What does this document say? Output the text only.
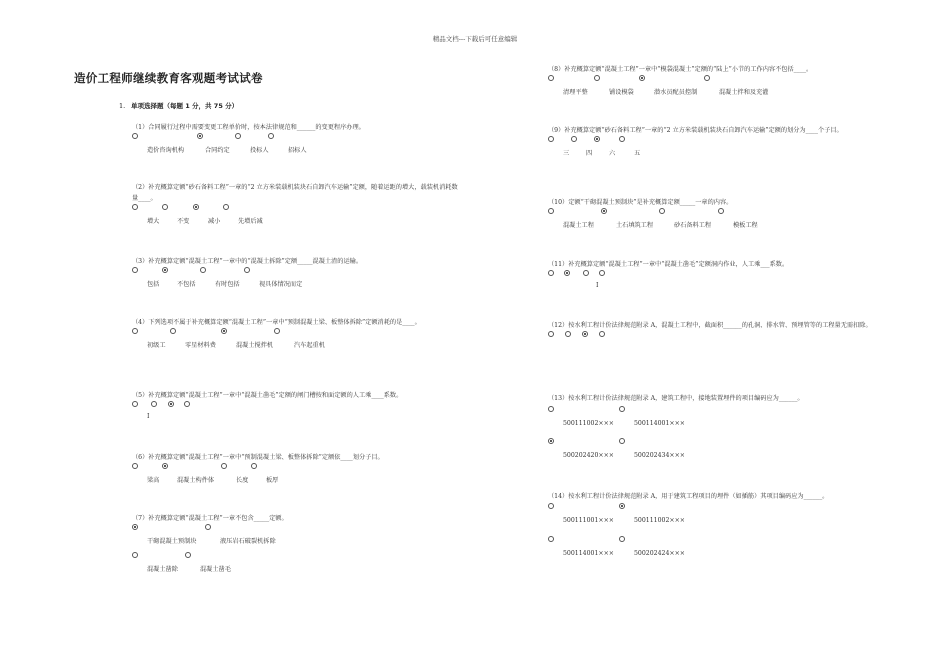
精品文档---下载后可任意编辑
造价工程师继续教育客观题考试试卷
1. 单项选择题（每题 1 分，共 75 分）
（1）合同履行过程中需要变更工程单价时，按本法律规范和______的变更程序办理。
造价咨询机构	合同约定	投标人	招标人
（2）补充概算定额“砂石备料工程”一章的“2 立方米装载机装块石自卸汽车运输”定额，随着运距的增大，载装机消耗数量____。
增大	不变	减小	先增后减
（3）补充概算定额“混凝土工程”一章中的“混凝土拆除”定额_____混凝土渣的运输。
包括	不包括	有时包括	视具体情况而定
（4）下列选项不属于补充概算定额“混凝土工程”一章中“预制混凝土梁、板整体拆除”定额消耗的是____。
初级工	零星材料费	混凝土搅拌机	汽车起重机
（5）补充概算定额“混凝土工程”一章中“混凝土凿毛”定额的闸门槽按和面定额的人工乘____系数。
I
（6）补充概算定额“混凝土工程”一章中“预制混凝土梁、板整体拆除”定额依____划分子目。
梁高	混凝土构件体	长度	板厚
（7）补充概算定额“混凝土工程”一章不包含_____定额。
干砌混凝土预制块	液压岩石破裂机拆除
混凝土凿除	混凝土凿毛
（8）补充概算定额“混凝土工程”一章中“模袋混凝土”定额的“陆上”小节的工作内容不包括____。
清理平整	铺设模袋	潜水员配员控制	混凝土拌和及充灌
（9）补充概算定额“砂石备料工程”一章的“2 立方米装载机装块石自卸汽车运输”定额的划分为____个子目。
三	四	六	五
（10）定额“干砌混凝土预制块”是补充概算定额_____一章的内容。
混凝土工程	土石填筑工程	砂石备料工程	模板工程
（11）补充概算定额“混凝土工程”一章中“混凝土凿毛”定额洞内作业，人工乘___系数。
I
（12）按水利工程计价法律规范附录 A，混凝土工程中，截面积______的孔洞、排水管、预埋管等的工程量无需扣除。
（13）按水利工程计价法律规范附录 A，建筑工程中，接地装置埋件的项目编码应为______。
500111002×××	500114001×××
500202420×××	500202434×××
（14）按水利工程计价法律规范附录 A，用于建筑工程项目的埋件（如插筋）其项目编码应为______。
500111001×××	500111002×××
500114001×××	500202424×××
